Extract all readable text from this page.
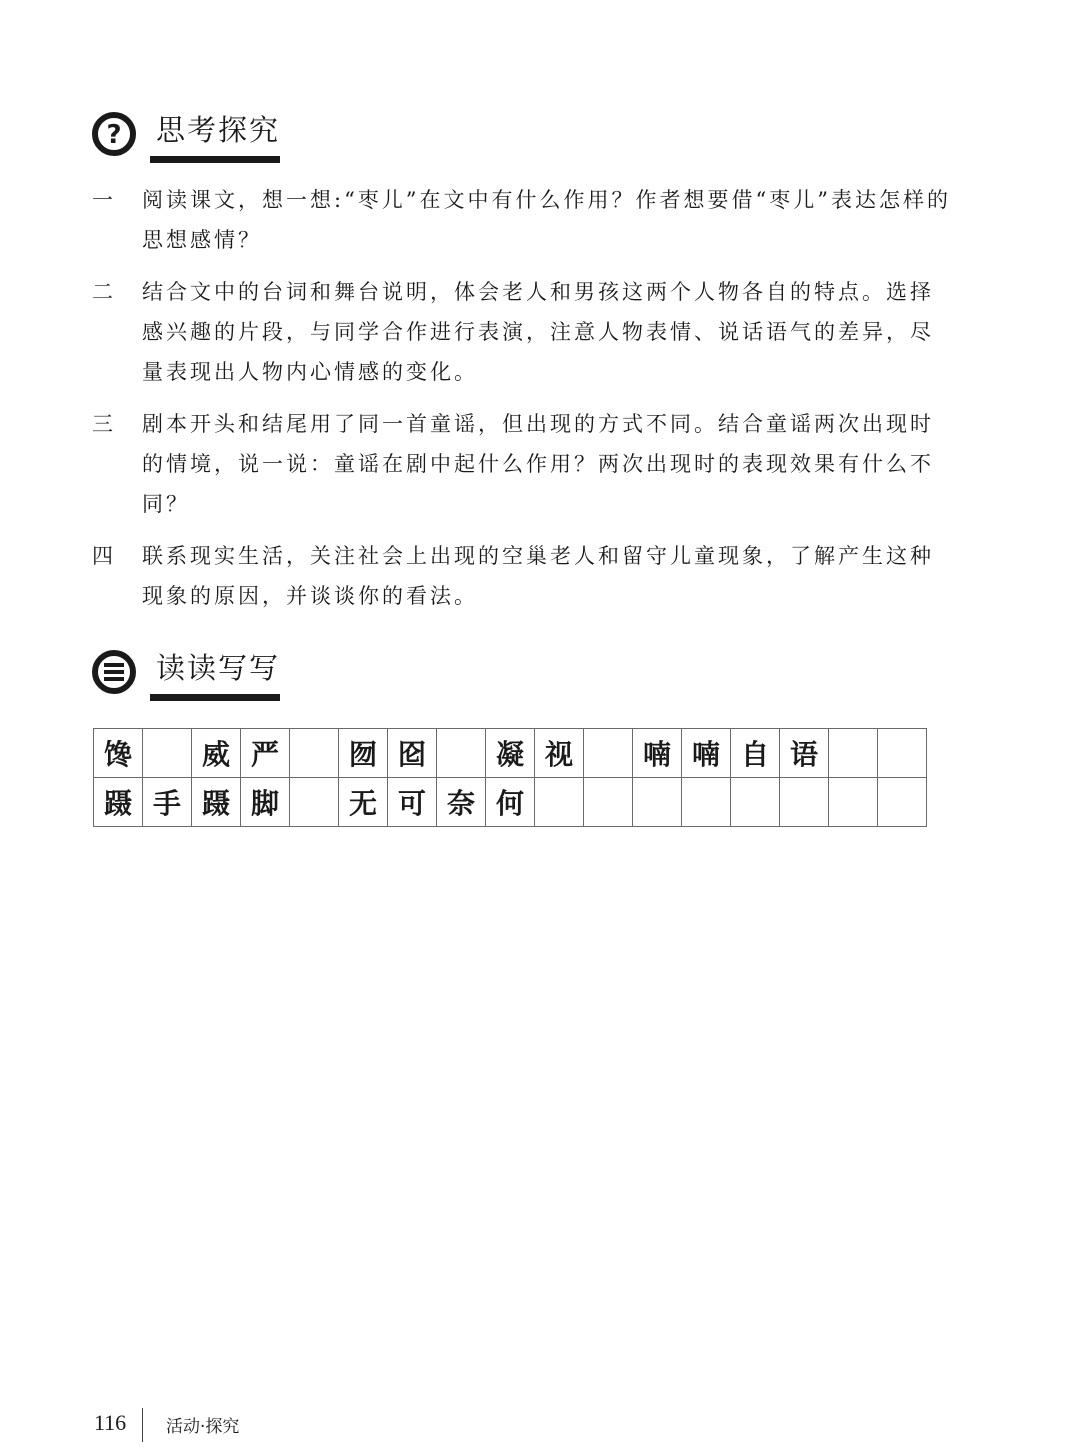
? 思考探究
一	阅读课文，想一想:“枣儿”在文中有什么作用？作者想要借“枣儿”表达怎样的思想感情？
二	结合文中的台词和舞台说明，体会老人和男孩这两个人物各自的特点。选择感兴趣的片段，与同学合作进行表演，注意人物表情、说话语气的差异，尽量表现出人物内心情感的变化。
三	剧本开头和结尾用了同一首童谣，但出现的方式不同。结合童谣两次出现时的情境，说一说：童谣在剧中起什么作用？两次出现时的表现效果有什么不同？
四	联系现实生活，关注社会上出现的空巢老人和留守儿童现象，了解产生这种现象的原因，并谈谈你的看法。
读读写写
馋		威	严		囫	囵		凝	视		喃	喃	自	语		
蹑	手	蹑	脚		无	可	奈	何								
116 活动·探究
